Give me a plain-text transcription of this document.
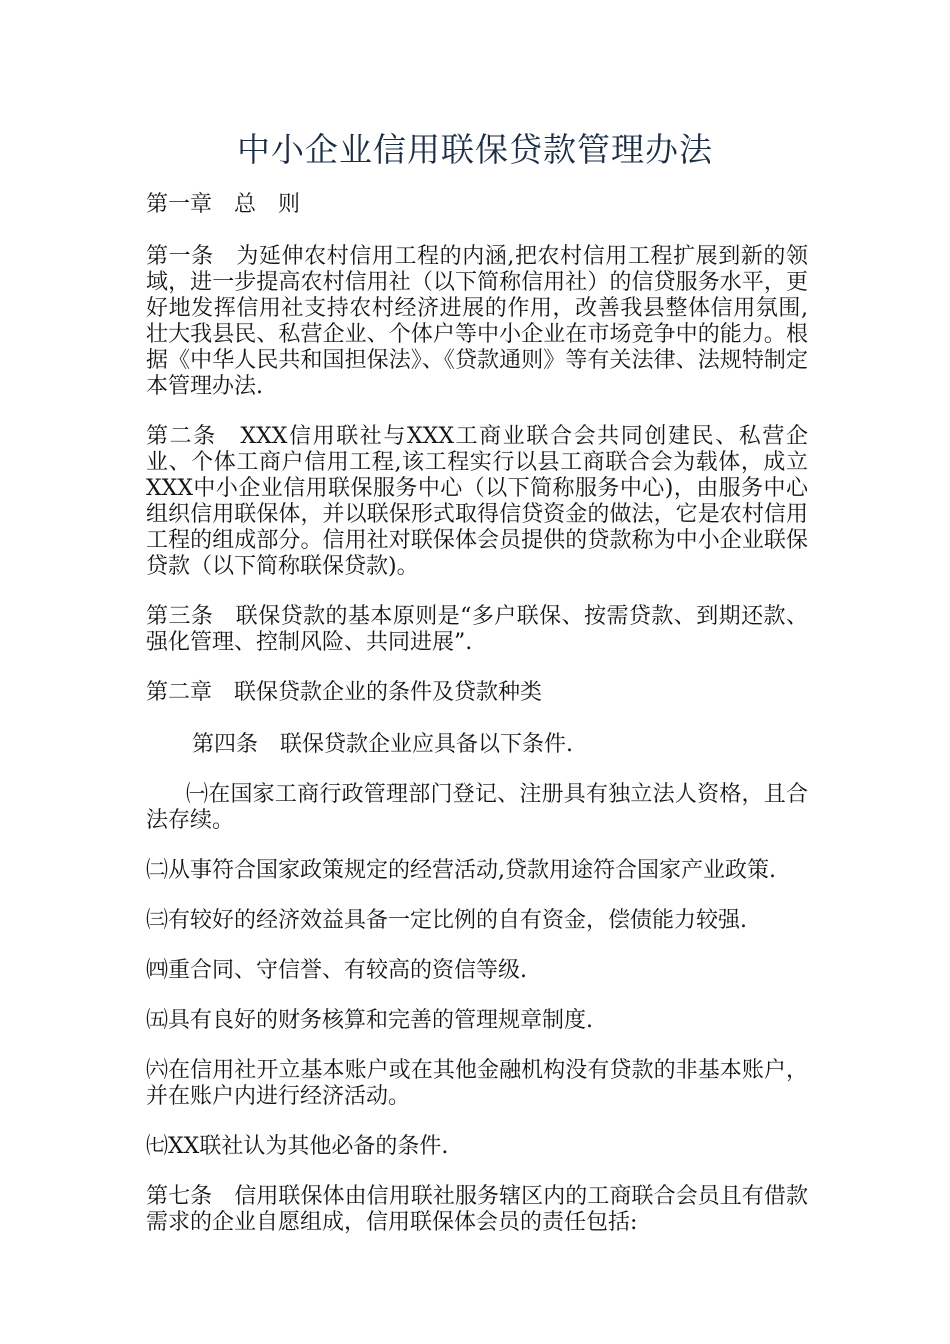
中小企业信用联保贷款管理办法

第一章　总　则

第一条　为延伸农村信用工程的内涵,把农村信用工程扩展到新的领域，进一步提高农村信用社（以下简称信用社）的信贷服务水平，更好地发挥信用社支持农村经济进展的作用，改善我县整体信用氛围,壮大我县民、私营企业、个体户等中小企业在市场竞争中的能力。根据《中华人民共和国担保法》、《贷款通则》等有关法律、法规特制定本管理办法.

第二条　XXX信用联社与XXX工商业联合会共同创建民、私营企业、个体工商户信用工程,该工程实行以县工商联合会为载体，成立XXX中小企业信用联保服务中心（以下简称服务中心)，由服务中心组织信用联保体，并以联保形式取得信贷资金的做法，它是农村信用工程的组成部分。信用社对联保体会员提供的贷款称为中小企业联保贷款（以下简称联保贷款)。

第三条　联保贷款的基本原则是“多户联保、按需贷款、到期还款、强化管理、控制风险、共同进展”.

第二章　联保贷款企业的条件及贷款种类

第四条　联保贷款企业应具备以下条件.

㈠在国家工商行政管理部门登记、注册具有独立法人资格，且合法存续。

㈡从事符合国家政策规定的经营活动,贷款用途符合国家产业政策.

㈢有较好的经济效益具备一定比例的自有资金，偿债能力较强.

㈣重合同、守信誉、有较高的资信等级.

㈤具有良好的财务核算和完善的管理规章制度.

㈥在信用社开立基本账户或在其他金融机构没有贷款的非基本账户，并在账户内进行经济活动。

㈦XX联社认为其他必备的条件.

第七条　信用联保体由信用联社服务辖区内的工商联合会员且有借款需求的企业自愿组成，信用联保体会员的责任包括:
